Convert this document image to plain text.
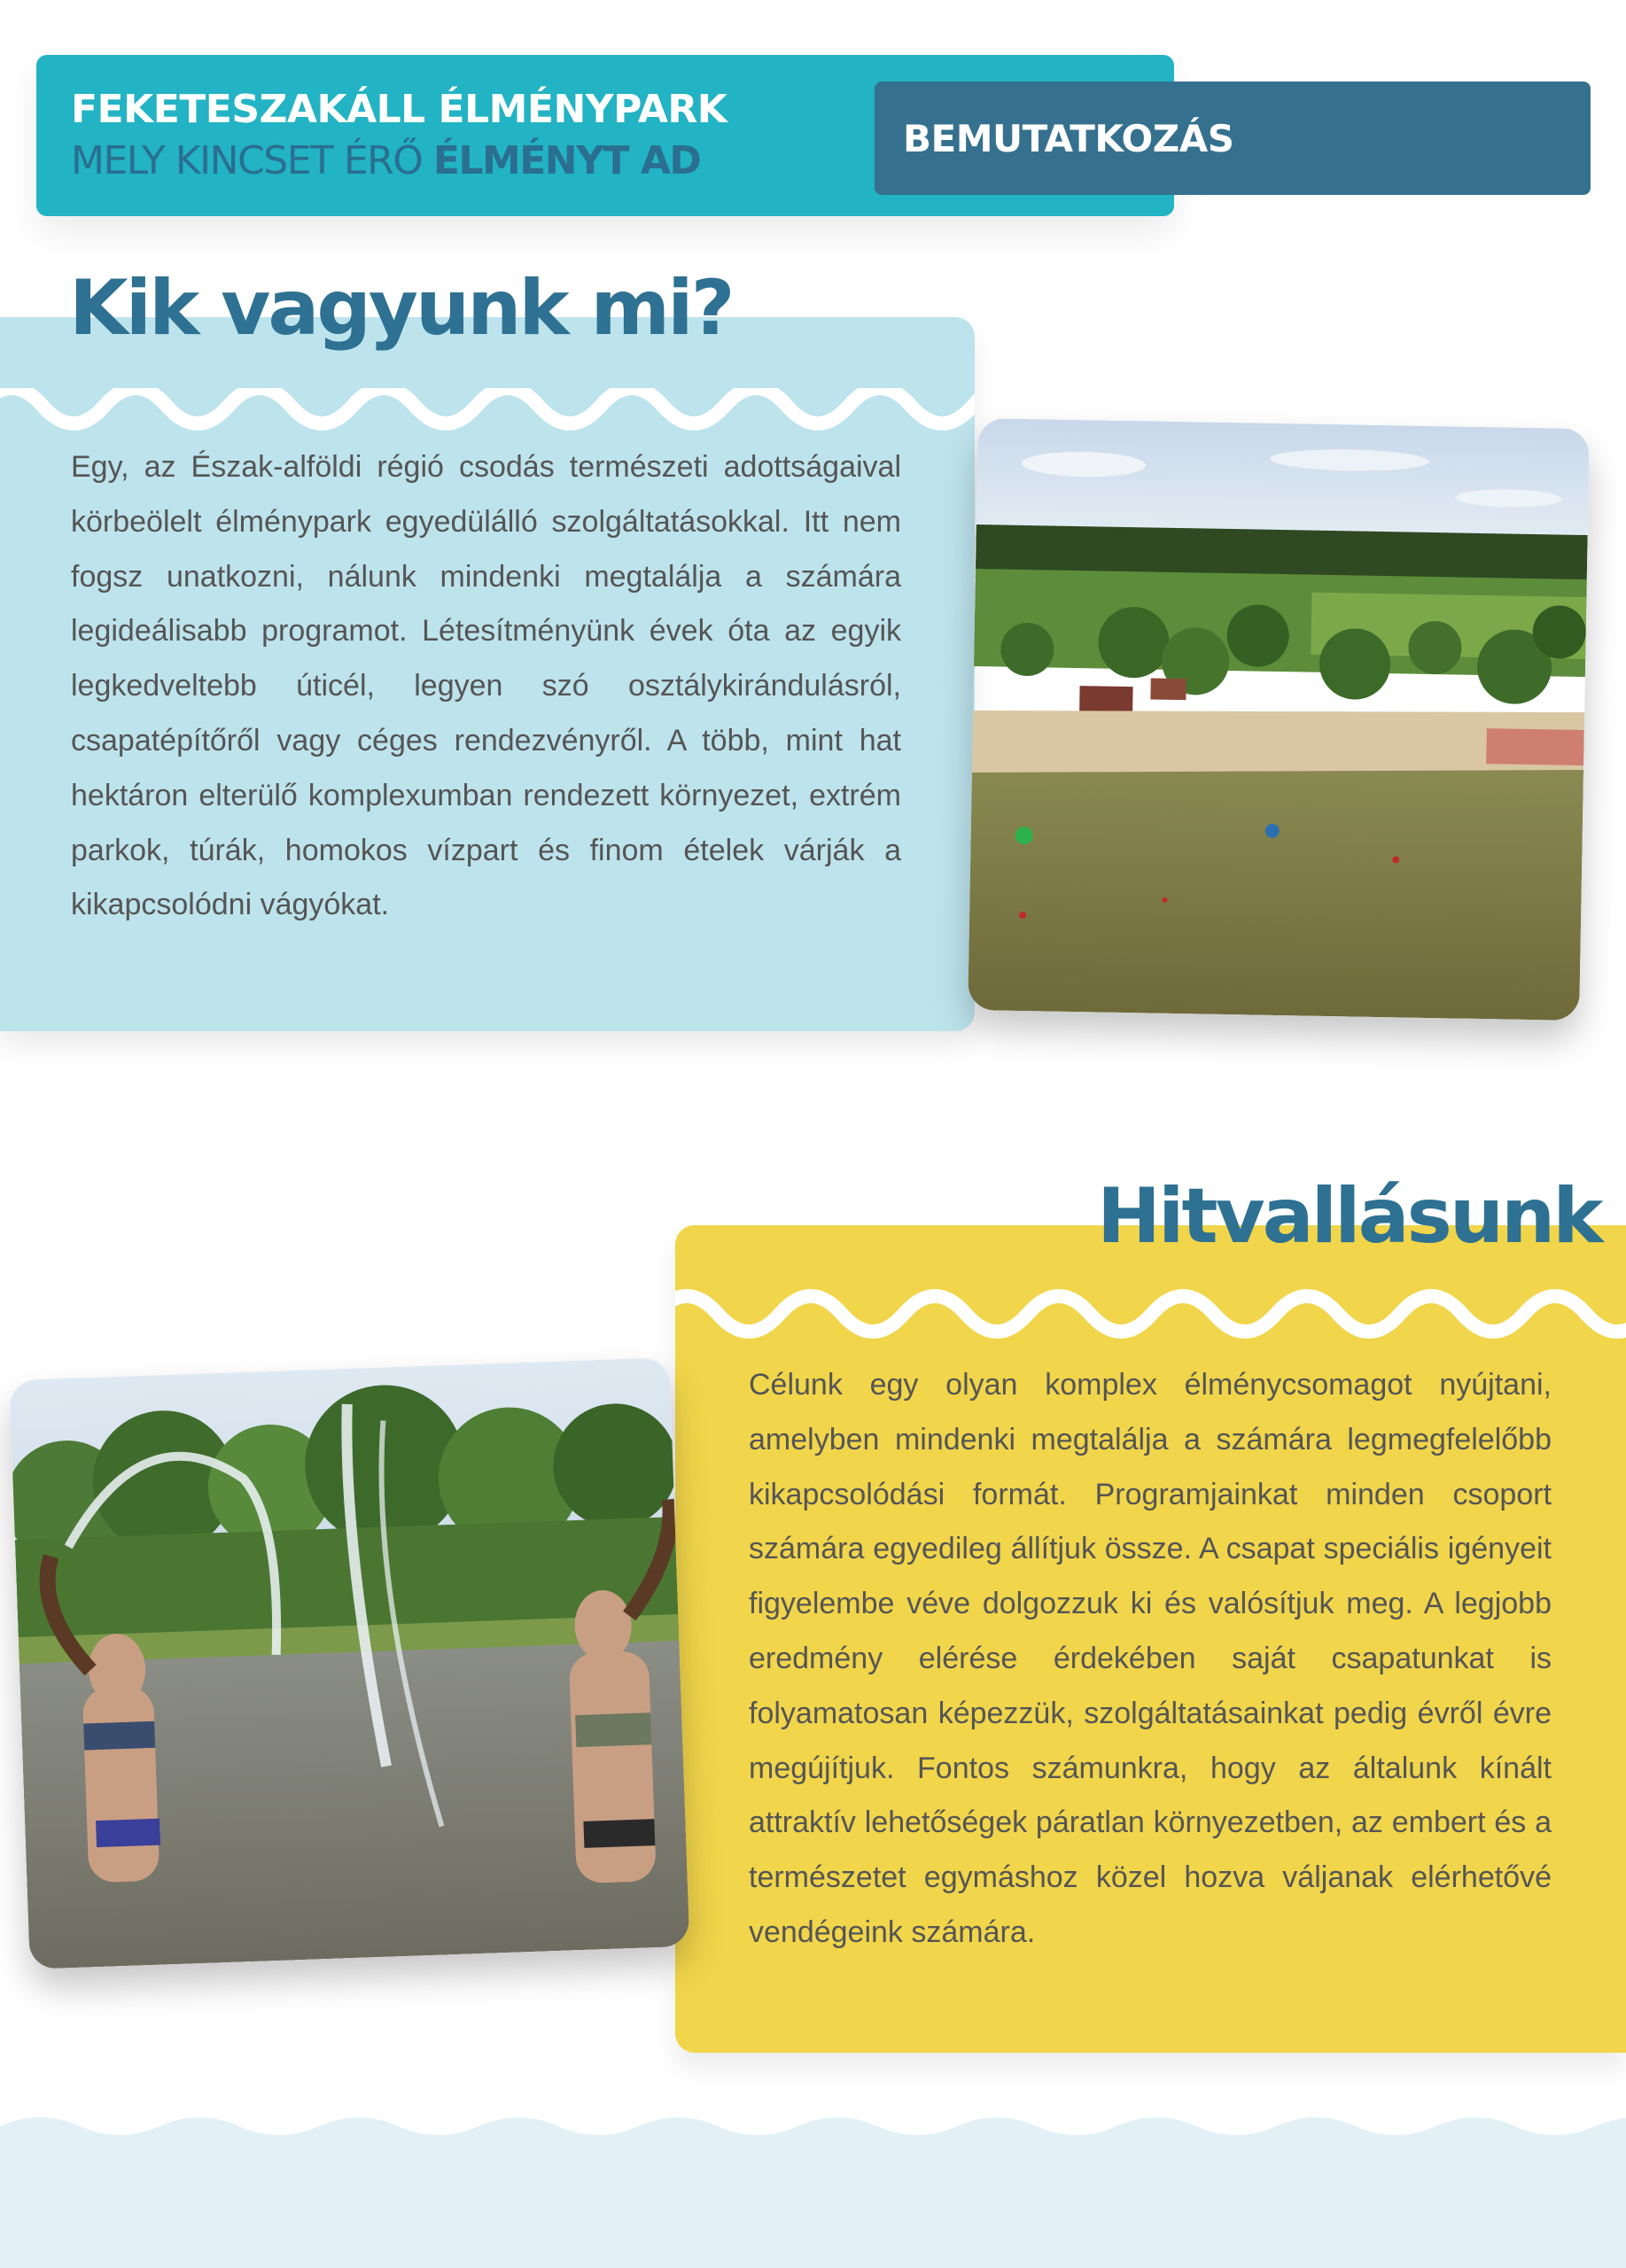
FEKETESZAKÁLL ÉLMÉNYPARK
MELY KINCSET ÉRŐ ÉLMÉNYT AD	BEMUTATKOZÁS
Kik vagyunk mi?

Egy, az Észak-alföldi régió csodás természeti adottságaival körbeölelt élménypark egyedülálló szolgáltatásokkal. Itt nem fogsz unatkozni, nálunk mindenki megtalálja a számára legideálisabb programot. Létesítményünk évek óta az egyik legkedveltebb úticél, legyen szó osztálykirándulásról, csapatépítőről vagy céges rendezvényről. A több, mint hat hektáron elterülő komplexumban rendezett környezet, extrém parkok, túrák, homokos vízpart és finom ételek várják a kikapcsolódni vágyókat.

Hitvallásunk

Célunk egy olyan komplex élménycsomagot nyújtani, amelyben mindenki megtalálja a számára legmegfelelőbb kikapcsolódási formát. Programjainkat minden csoport számára egyedileg állítjuk össze. A csapat speciális igényeit figyelembe véve dolgozzuk ki és valósítjuk meg. A legjobb eredmény elérése érdekében saját csapatunkat is folyamatosan képezzük, szolgáltatásainkat pedig évről évre megújítjuk. Fontos számunkra, hogy az általunk kínált attraktív lehetőségek páratlan környezetben, az embert és a természetet egymáshoz közel hozva váljanak elérhetővé vendégeink számára.
